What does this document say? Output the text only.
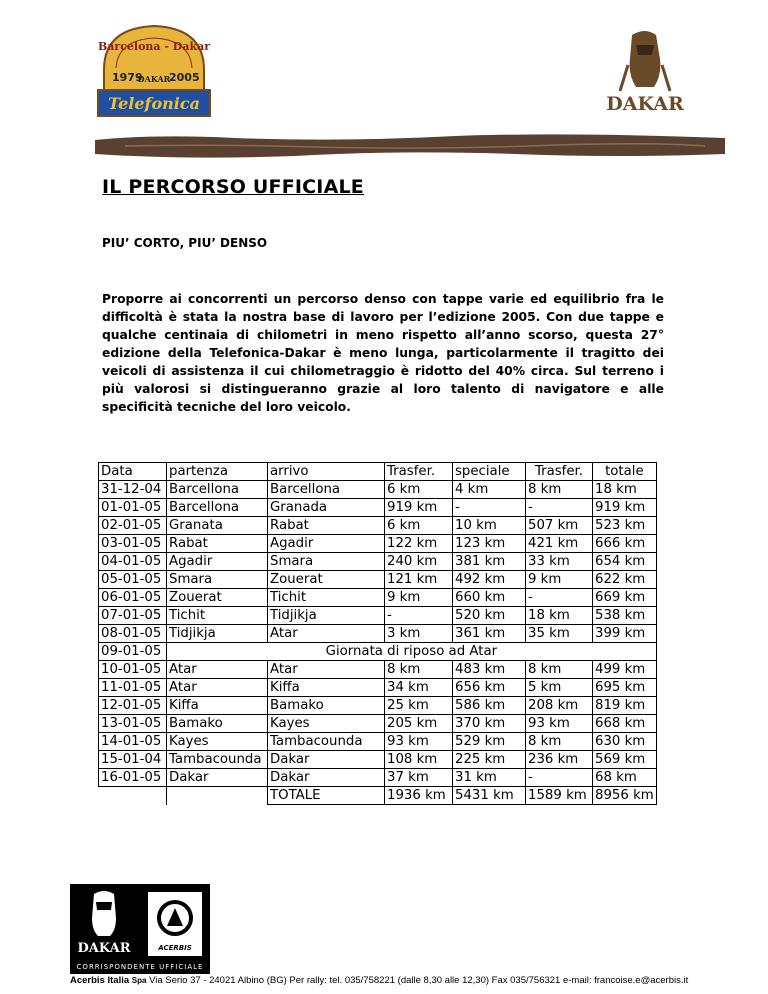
Barcelona - Dakar
1979 2005
DAKAR
Telefonica	DAKAR
IL PERCORSO UFFICIALE
PIU’ CORTO, PIU’ DENSO
Proporre ai concorrenti un percorso denso con tappe varie ed equilibrio fra le difficoltà è stata la nostra base di lavoro per l’edizione 2005. Con due tappe e qualche centinaia di chilometri in meno rispetto all’anno scorso, questa 27° edizione della Telefonica-Dakar è meno lunga, particolarmente il tragitto dei veicoli di assistenza il cui chilometraggio è ridotto del 40% circa. Sul terreno i più valorosi si distingueranno grazie al loro talento di navigatore e alle specificità tecniche del loro veicolo.
Data	partenza	arrivo	Trasfer.	speciale	Trasfer.	totale
31-12-04	Barcellona	Barcellona	6 km	4 km	8 km	18 km
01-01-05	Barcellona	Granada	919 km	-	-	919 km
02-01-05	Granata	Rabat	6 km	10 km	507 km	523 km
03-01-05	Rabat	Agadir	122 km	123 km	421 km	666 km
04-01-05	Agadir	Smara	240 km	381 km	33 km	654 km
05-01-05	Smara	Zouerat	121 km	492 km	9 km	622 km
06-01-05	Zouerat	Tichit	9 km	660 km	-	669 km
07-01-05	Tichit	Tidjikja	-	520 km	18 km	538 km
08-01-05	Tidjikja	Atar	3 km	361 km	35 km	399 km
09-01-05	Giornata di riposo ad Atar					
10-01-05	Atar	Atar	8 km	483 km	8 km	499 km
11-01-05	Atar	Kiffa	34 km	656 km	5 km	695 km
12-01-05	Kiffa	Bamako	25 km	586 km	208 km	819 km
13-01-05	Bamako	Kayes	205 km	370 km	93 km	668 km
14-01-05	Kayes	Tambacounda	93 km	529 km	8 km	630 km
15-01-04	Tambacounda	Dakar	108 km	225 km	236 km	569 km
16-01-05	Dakar	Dakar	37 km	31 km	-	68 km
		TOTALE	1936 km	5431 km	1589 km	8956 km
DAKAR	ACERBIS
CORRISPONDENTE UFFICIALE
Acerbis Italia Spa Via Serio 37 - 24021 Albino (BG) Per rally: tel. 035/758221 (dalle 8,30 alle 12,30) Fax 035/756321 e-mail: francoise.e@acerbis.it
